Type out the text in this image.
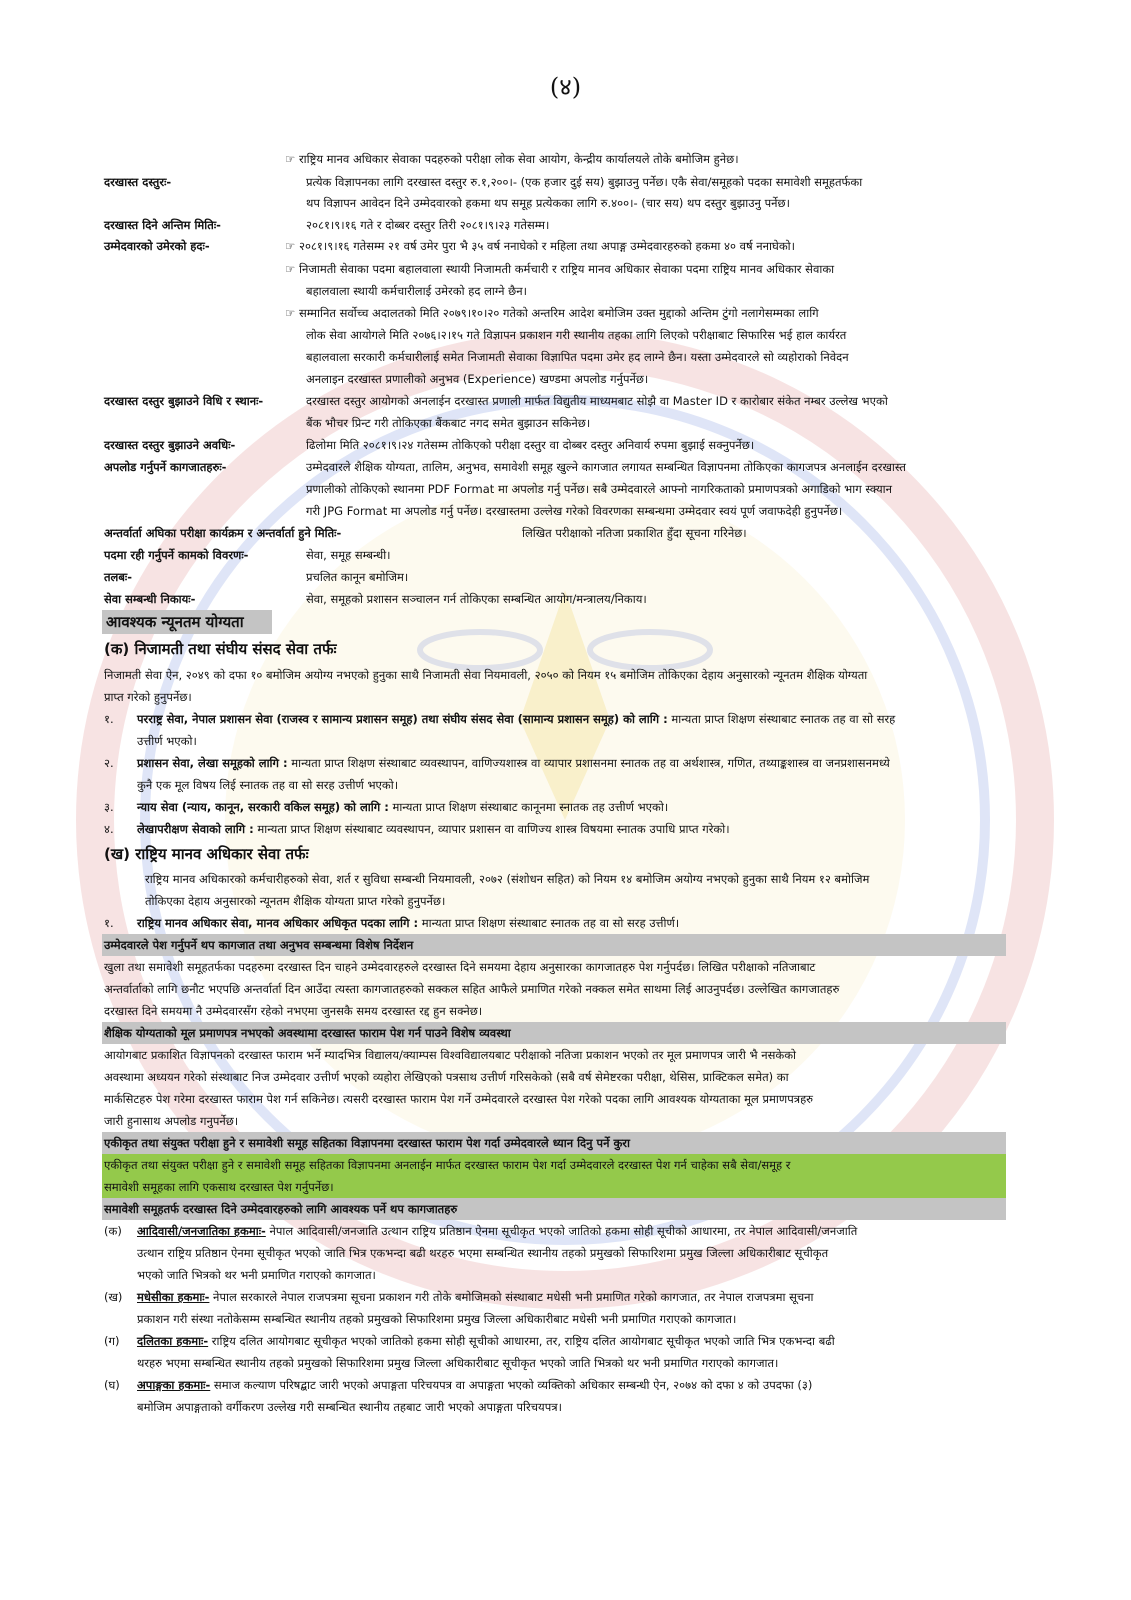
(४)
☞ राष्ट्रिय मानव अधिकार सेवाका पदहरुको परीक्षा लोक सेवा आयोग, केन्द्रीय कार्यालयले तोके बमोजिम हुनेछ।
दरखास्त दस्तुरः-	प्रत्येक विज्ञापनका लागि दरखास्त दस्तुर रु.१,२००।- (एक हजार दुई सय) बुझाउनु पर्नेछ। एकै सेवा/समूहको पदका समावेशी समूहतर्फका
थप विज्ञापन आवेदन दिने उम्मेदवारको हकमा थप समूह प्रत्येकका लागि रु.४००।- (चार सय) थप दस्तुर बुझाउनु पर्नेछ।
दरखास्त दिने अन्तिम मितिः-	२०८१।९।१६ गते र दोब्बर दस्तुर तिरी २०८१।९।२३ गतेसम्म।
उम्मेदवारको उमेरको हदः-	☞ २०८१।९।१६ गतेसम्म २१ वर्ष उमेर पुरा भै ३५ वर्ष ननाघेको र महिला तथा अपाङ्ग उम्मेदवारहरुको हकमा ४० वर्ष ननाघेको।
☞ निजामती सेवाका पदमा बहालवाला स्थायी निजामती कर्मचारी र राष्ट्रिय मानव अधिकार सेवाका पदमा राष्ट्रिय मानव अधिकार सेवाका
बहालवाला स्थायी कर्मचारीलाई उमेरको हद लाग्ने छैन।
☞ सम्मानित सर्वोच्च अदालतको मिति २०७९।१०।२० गतेको अन्तरिम आदेश बमोजिम उक्त मुद्दाको अन्तिम टुंगो नलागेसम्मका लागि
लोक सेवा आयोगले मिति २०७६।२।१५ गते विज्ञापन प्रकाशन गरी स्थानीय तहका लागि लिएको परीक्षाबाट सिफारिस भई हाल कार्यरत
बहालवाला सरकारी कर्मचारीलाई समेत निजामती सेवाका विज्ञापित पदमा उमेर हद लाग्ने छैन। यस्ता उम्मेदवारले सो व्यहोराको निवेदन
अनलाइन दरखास्त प्रणालीको अनुभव (Experience) खण्डमा अपलोड गर्नुपर्नेछ।
दरखास्त दस्तुर बुझाउने विधि र स्थानः-	दरखास्त दस्तुर आयोगको अनलाईन दरखास्त प्रणाली मार्फत विद्युतीय माध्यमबाट सोझै वा Master ID र कारोबार संकेत नम्बर उल्लेख भएको
बैंक भौचर प्रिन्ट गरी तोकिएका बैंकबाट नगद समेत बुझाउन सकिनेछ।
दरखास्त दस्तुर बुझाउने अवधिः-	ढिलोमा मिति २०८१।९।२४ गतेसम्म तोकिएको परीक्षा दस्तुर वा दोब्बर दस्तुर अनिवार्य रुपमा बुझाई सक्नुपर्नेछ।
अपलोड गर्नुपर्ने कागजातहरुः-	उम्मेदवारले शैक्षिक योग्यता, तालिम, अनुभव, समावेशी समूह खुल्ने कागजात लगायत सम्बन्धित विज्ञापनमा तोकिएका कागजपत्र अनलाईन दरखास्त
प्रणालीको तोकिएको स्थानमा PDF Format मा अपलोड गर्नु पर्नेछ। सबै उम्मेदवारले आफ्नो नागरिकताको प्रमाणपत्रको अगाडिको भाग स्क्यान
गरी JPG Format मा अपलोड गर्नु पर्नेछ। दरखास्तमा उल्लेख गरेको विवरणका सम्बन्धमा उम्मेदवार स्वयं पूर्ण जवाफदेही हुनुपर्नेछ।
अन्तर्वार्ता अघिका परीक्षा कार्यक्रम र अन्तर्वार्ता हुने मितिः-	लिखित परीक्षाको नतिजा प्रकाशित हुँदा सूचना गरिनेछ।
पदमा रही गर्नुपर्ने कामको विवरणः-	सेवा, समूह सम्बन्धी।
तलबः-	प्रचलित कानून बमोजिम।
सेवा सम्बन्धी निकायः-	सेवा, समूहको प्रशासन सञ्चालन गर्न तोकिएका सम्बन्धित आयोग/मन्त्रालय/निकाय।
आवश्यक न्यूनतम योग्यता
(क) निजामती तथा संघीय संसद सेवा तर्फः
निजामती सेवा ऐन, २०४९ को दफा १० बमोजिम अयोग्य नभएको हुनुका साथै निजामती सेवा नियमावली, २०५० को नियम १५ बमोजिम तोकिएका देहाय अनुसारको न्यूनतम शैक्षिक योग्यता
प्राप्त गरेको हुनुपर्नेछ।
१. परराष्ट्र सेवा, नेपाल प्रशासन सेवा (राजस्व र सामान्य प्रशासन समूह) तथा संघीय संसद सेवा (सामान्य प्रशासन समूह) को लागि : मान्यता प्राप्त शिक्षण संस्थाबाट स्नातक तह वा सो सरह
उत्तीर्ण भएको।
२. प्रशासन सेवा, लेखा समूहको लागि : मान्यता प्राप्त शिक्षण संस्थाबाट व्यवस्थापन, वाणिज्यशास्त्र वा व्यापार प्रशासनमा स्नातक तह वा अर्थशास्त्र, गणित, तथ्याङ्कशास्त्र वा जनप्रशासनमध्ये
कुनै एक मूल विषय लिई स्नातक तह वा सो सरह उत्तीर्ण भएको।
३. न्याय सेवा (न्याय, कानून, सरकारी वकिल समूह) को लागि : मान्यता प्राप्त शिक्षण संस्थाबाट कानूनमा स्नातक तह उत्तीर्ण भएको।
४. लेखापरीक्षण सेवाको लागि : मान्यता प्राप्त शिक्षण संस्थाबाट व्यवस्थापन, व्यापार प्रशासन वा वाणिज्य शास्त्र विषयमा स्नातक उपाधि प्राप्त गरेको।
(ख) राष्ट्रिय मानव अधिकार सेवा तर्फः
राष्ट्रिय मानव अधिकारको कर्मचारीहरुको सेवा, शर्त र सुविधा सम्बन्धी नियमावली, २०७२ (संशोधन सहित) को नियम १४ बमोजिम अयोग्य नभएको हुनुका साथै नियम १२ बमोजिम
तोकिएका देहाय अनुसारको न्यूनतम शैक्षिक योग्यता प्राप्त गरेको हुनुपर्नेछ।
१. राष्ट्रिय मानव अधिकार सेवा, मानव अधिकार अधिकृत पदका लागि : मान्यता प्राप्त शिक्षण संस्थाबाट स्नातक तह वा सो सरह उत्तीर्ण।
उम्मेदवारले पेश गर्नुपर्ने थप कागजात तथा अनुभव सम्बन्धमा विशेष निर्देशन
खुला तथा समावेशी समूहतर्फका पदहरुमा दरखास्त दिन चाहने उम्मेदवारहरुले दरखास्त दिने समयमा देहाय अनुसारका कागजातहरु पेश गर्नुपर्दछ। लिखित परीक्षाको नतिजाबाट
अन्तर्वार्ताको लागि छनौट भएपछि अन्तर्वार्ता दिन आउँदा त्यस्ता कागजातहरुको सक्कल सहित आफैले प्रमाणित गरेको नक्कल समेत साथमा लिई आउनुपर्दछ। उल्लेखित कागजातहरु
दरखास्त दिने समयमा नै उम्मेदवारसँग रहेको नभएमा जुनसकै समय दरखास्त रद्द हुन सक्नेछ।
शैक्षिक योग्यताको मूल प्रमाणपत्र नभएको अवस्थामा दरखास्त फाराम पेश गर्न पाउने विशेष व्यवस्था
आयोगबाट प्रकाशित विज्ञापनको दरखास्त फाराम भर्ने म्यादभित्र विद्यालय/क्याम्पस विश्वविद्यालयबाट परीक्षाको नतिजा प्रकाशन भएको तर मूल प्रमाणपत्र जारी भै नसकेको
अवस्थामा अध्ययन गरेको संस्थाबाट निज उम्मेदवार उत्तीर्ण भएको व्यहोरा लेखिएको पत्रसाथ उत्तीर्ण गरिसकेको (सबै वर्ष सेमेष्टरका परीक्षा, थेसिस, प्राक्टिकल समेत) का
मार्कसिटहरु पेश गरेमा दरखास्त फाराम पेश गर्न सकिनेछ। त्यसरी दरखास्त फाराम पेश गर्ने उम्मेदवारले दरखास्त पेश गरेको पदका लागि आवश्यक योग्यताका मूल प्रमाणपत्रहरु
जारी हुनासाथ अपलोड गनुपर्नेछ।
एकीकृत तथा संयुक्त परीक्षा हुने र समावेशी समूह सहितका विज्ञापनमा दरखास्त फाराम पेश गर्दा उम्मेदवारले ध्यान दिनु पर्ने कुरा
एकीकृत तथा संयुक्त परीक्षा हुने र समावेशी समूह सहितका विज्ञापनमा अनलाईन मार्फत दरखास्त फाराम पेश गर्दा उम्मेदवारले दरखास्त पेश गर्न चाहेका सबै सेवा/समूह र
समावेशी समूहका लागि एकसाथ दरखास्त पेश गर्नुपर्नेछ।
समावेशी समूहतर्फ दरखास्त दिने उम्मेदवारहरुको लागि आवश्यक पर्ने थप कागजातहरु
(क) आदिवासी/जनजातिका हकमाः- नेपाल आदिवासी/जनजाति उत्थान राष्ट्रिय प्रतिष्ठान ऐनमा सूचीकृत भएको जातिको हकमा सोही सूचीको आधारमा, तर नेपाल आदिवासी/जनजाति
उत्थान राष्ट्रिय प्रतिष्ठान ऐनमा सूचीकृत भएको जाति भित्र एकभन्दा बढी थरहरु भएमा सम्बन्धित स्थानीय तहको प्रमुखको सिफारिशमा प्रमुख जिल्ला अधिकारीबाट सूचीकृत
भएको जाति भित्रको थर भनी प्रमाणित गराएको कागजात।
(ख) मधेसीका हकमाः- नेपाल सरकारले नेपाल राजपत्रमा सूचना प्रकाशन गरी तोके बमोजिमको संस्थाबाट मधेसी भनी प्रमाणित गरेको कागजात, तर नेपाल राजपत्रमा सूचना
प्रकाशन गरी संस्था नतोकेसम्म सम्बन्धित स्थानीय तहको प्रमुखको सिफारिशमा प्रमुख जिल्ला अधिकारीबाट मधेसी भनी प्रमाणित गराएको कागजात।
(ग) दलितका हकमाः- राष्ट्रिय दलित आयोगबाट सूचीकृत भएको जातिको हकमा सोही सूचीको आधारमा, तर, राष्ट्रिय दलित आयोगबाट सूचीकृत भएको जाति भित्र एकभन्दा बढी
थरहरु भएमा सम्बन्धित स्थानीय तहको प्रमुखको सिफारिशमा प्रमुख जिल्ला अधिकारीबाट सूचीकृत भएको जाति भित्रको थर भनी प्रमाणित गराएको कागजात।
(घ) अपाङ्गका हकमाः- समाज कल्याण परिषद्बाट जारी भएको अपाङ्गता परिचयपत्र वा अपाङ्गता भएको व्यक्तिको अधिकार सम्बन्धी ऐन, २०७४ को दफा ४ को उपदफा (३)
बमोजिम अपाङ्गताको वर्गीकरण उल्लेख गरी सम्बन्धित स्थानीय तहबाट जारी भएको अपाङ्गता परिचयपत्र।
